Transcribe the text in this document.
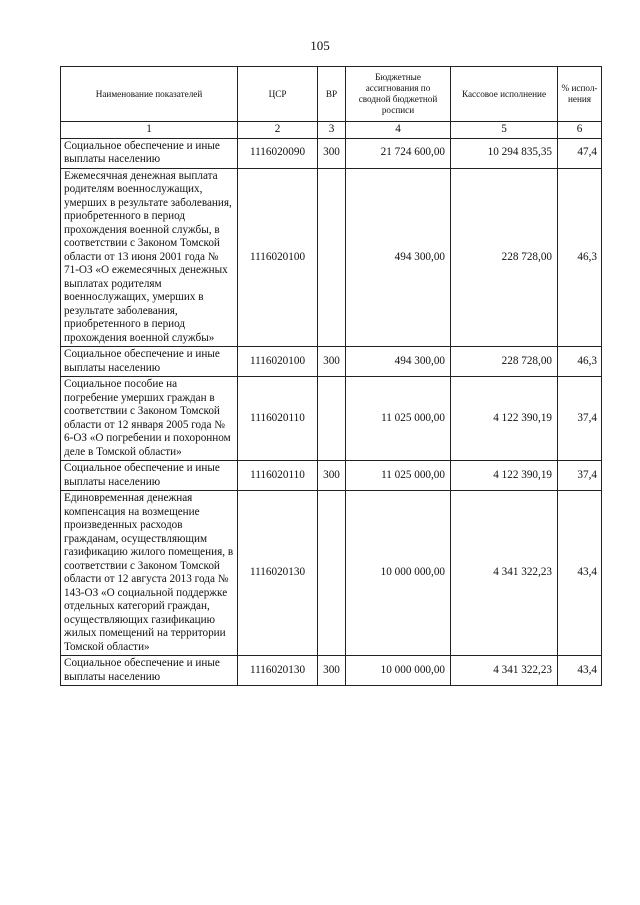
105
Наименование показателей	ЦСР	ВР	Бюджетные ассигнования по сводной бюджетной росписи	Кассовое исполнение	% испол-нения
1	2	3	4	5	6
Социальное обеспечение и иные выплаты населению	1116020090	300	21 724 600,00	10 294 835,35	47,4
Ежемесячная денежная выплата родителям военнослужащих, умерших в результате заболевания, приобретенного в период прохождения военной службы, в соответствии с Законом Томской области от 13 июня 2001 года № 71-ОЗ «О ежемесячных денежных выплатах родителям военнослужащих, умерших в результате заболевания, приобретенного в период прохождения военной службы»	1116020100		494 300,00	228 728,00	46,3
Социальное обеспечение и иные выплаты населению	1116020100	300	494 300,00	228 728,00	46,3
Социальное пособие на погребение умерших граждан в соответствии с Законом Томской области от 12 января 2005 года № 6-ОЗ «О погребении и похоронном деле в Томской области»	1116020110		11 025 000,00	4 122 390,19	37,4
Социальное обеспечение и иные выплаты населению	1116020110	300	11 025 000,00	4 122 390,19	37,4
Единовременная денежная компенсация на возмещение произведенных расходов гражданам, осуществляющим газификацию жилого помещения, в соответствии с Законом Томской области от 12 августа 2013 года № 143-ОЗ «О социальной поддержке отдельных категорий граждан, осуществляющих газификацию жилых помещений на территории Томской области»	1116020130		10 000 000,00	4 341 322,23	43,4
Социальное обеспечение и иные выплаты населению	1116020130	300	10 000 000,00	4 341 322,23	43,4
